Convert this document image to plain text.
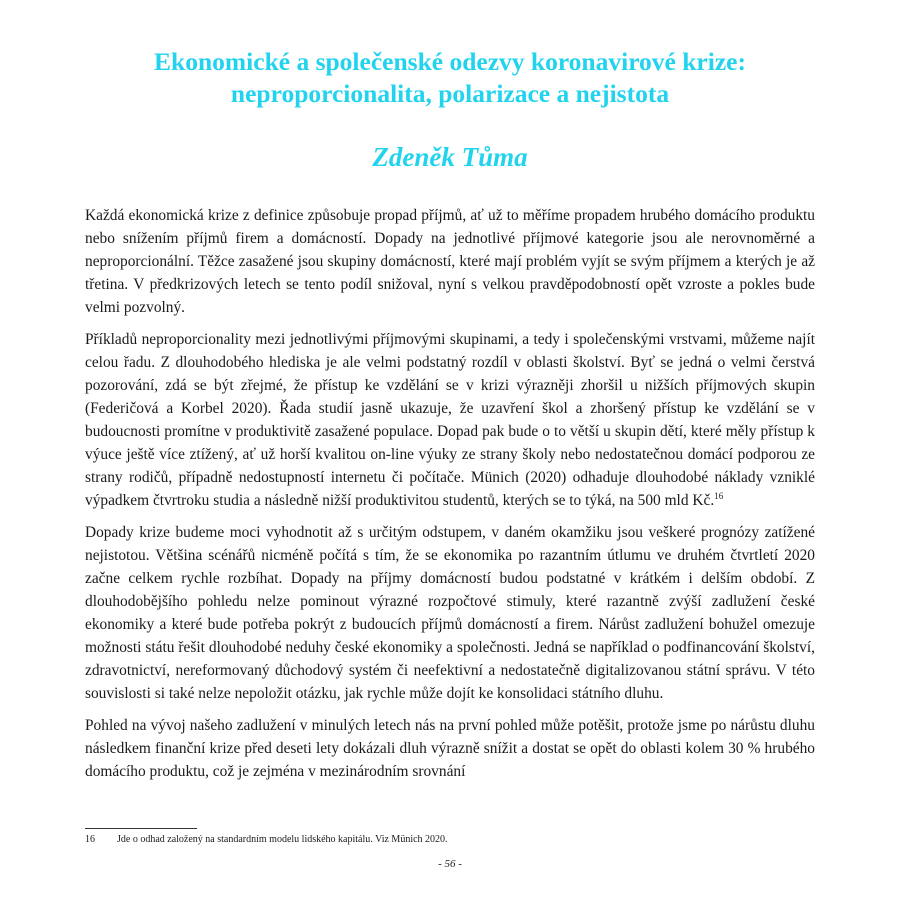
Ekonomické a společenské odezvy koronavirové krize:
neproporcionalita, polarizace a nejistota
Zdeněk Tůma

Každá ekonomická krize z definice způsobuje propad příjmů, ať už to měříme propadem hrubého domácího produktu nebo snížením příjmů firem a domácností. Dopady na jednotlivé příjmové kategorie jsou ale nerovnoměrné a neproporcionální. Těžce zasažené jsou skupiny domácností, které mají problém vyjít se svým příjmem a kterých je až třetina. V předkrizových letech se tento podíl snižoval, nyní s velkou pravděpodobností opět vzroste a pokles bude velmi pozvolný.

Příkladů neproporcionality mezi jednotlivými příjmovými skupinami, a tedy i společenskými vrstvami, můžeme najít celou řadu. Z dlouhodobého hlediska je ale velmi podstatný rozdíl v oblasti školství. Byť se jedná o velmi čerstvá pozorování, zdá se být zřejmé, že přístup ke vzdělání se v krizi výrazněji zhoršil u nižších příjmových skupin (Federičová a Korbel 2020). Řada studií jasně ukazuje, že uzavření škol a zhoršený přístup ke vzdělání se v budoucnosti promítne v produktivitě zasažené populace. Dopad pak bude o to větší u skupin dětí, které měly přístup k výuce ještě více ztížený, ať už horší kvalitou on-line výuky ze strany školy nebo nedostatečnou domácí podporou ze strany rodičů, případně nedostupností internetu či počítače. Münich (2020) odhaduje dlouhodobé náklady vzniklé výpadkem čtvrtroku studia a následně nižší produktivitou studentů, kterých se to týká, na 500 mld Kč.$^{16}$

Dopady krize budeme moci vyhodnotit až s určitým odstupem, v daném okamžiku jsou veškeré prognózy zatížené nejistotou. Většina scénářů nicméně počítá s tím, že se ekonomika po razantním útlumu ve druhém čtvrtletí 2020 začne celkem rychle rozbíhat. Dopady na příjmy domácností budou podstatné v krátkém i delším období. Z dlouhodobějšího pohledu nelze pominout výrazné rozpočtové stimuly, které razantně zvýší zadlužení české ekonomiky a které bude potřeba pokrýt z budoucích příjmů domácností a firem. Nárůst zadlužení bohužel omezuje možnosti státu řešit dlouhodobé neduhy české ekonomiky a společnosti. Jedná se například o podfinancování školství, zdravotnictví, nereformovaný důchodový systém či neefektivní a nedostatečně digitalizovanou státní správu. V této souvislosti si také nelze nepoložit otázku, jak rychle může dojít ke konsolidaci státního dluhu.

Pohled na vývoj našeho zadlužení v minulých letech nás na první pohled může potěšit, protože jsme po nárůstu dluhu následkem finanční krize před deseti lety dokázali dluh výrazně snížit a dostat se opět do oblasti kolem 30 % hrubého domácího produktu, což je zejména v mezinárodním srovnání

16 Jde o odhad založený na standardním modelu lidského kapitálu. Viz Münich 2020.
- 56 -
